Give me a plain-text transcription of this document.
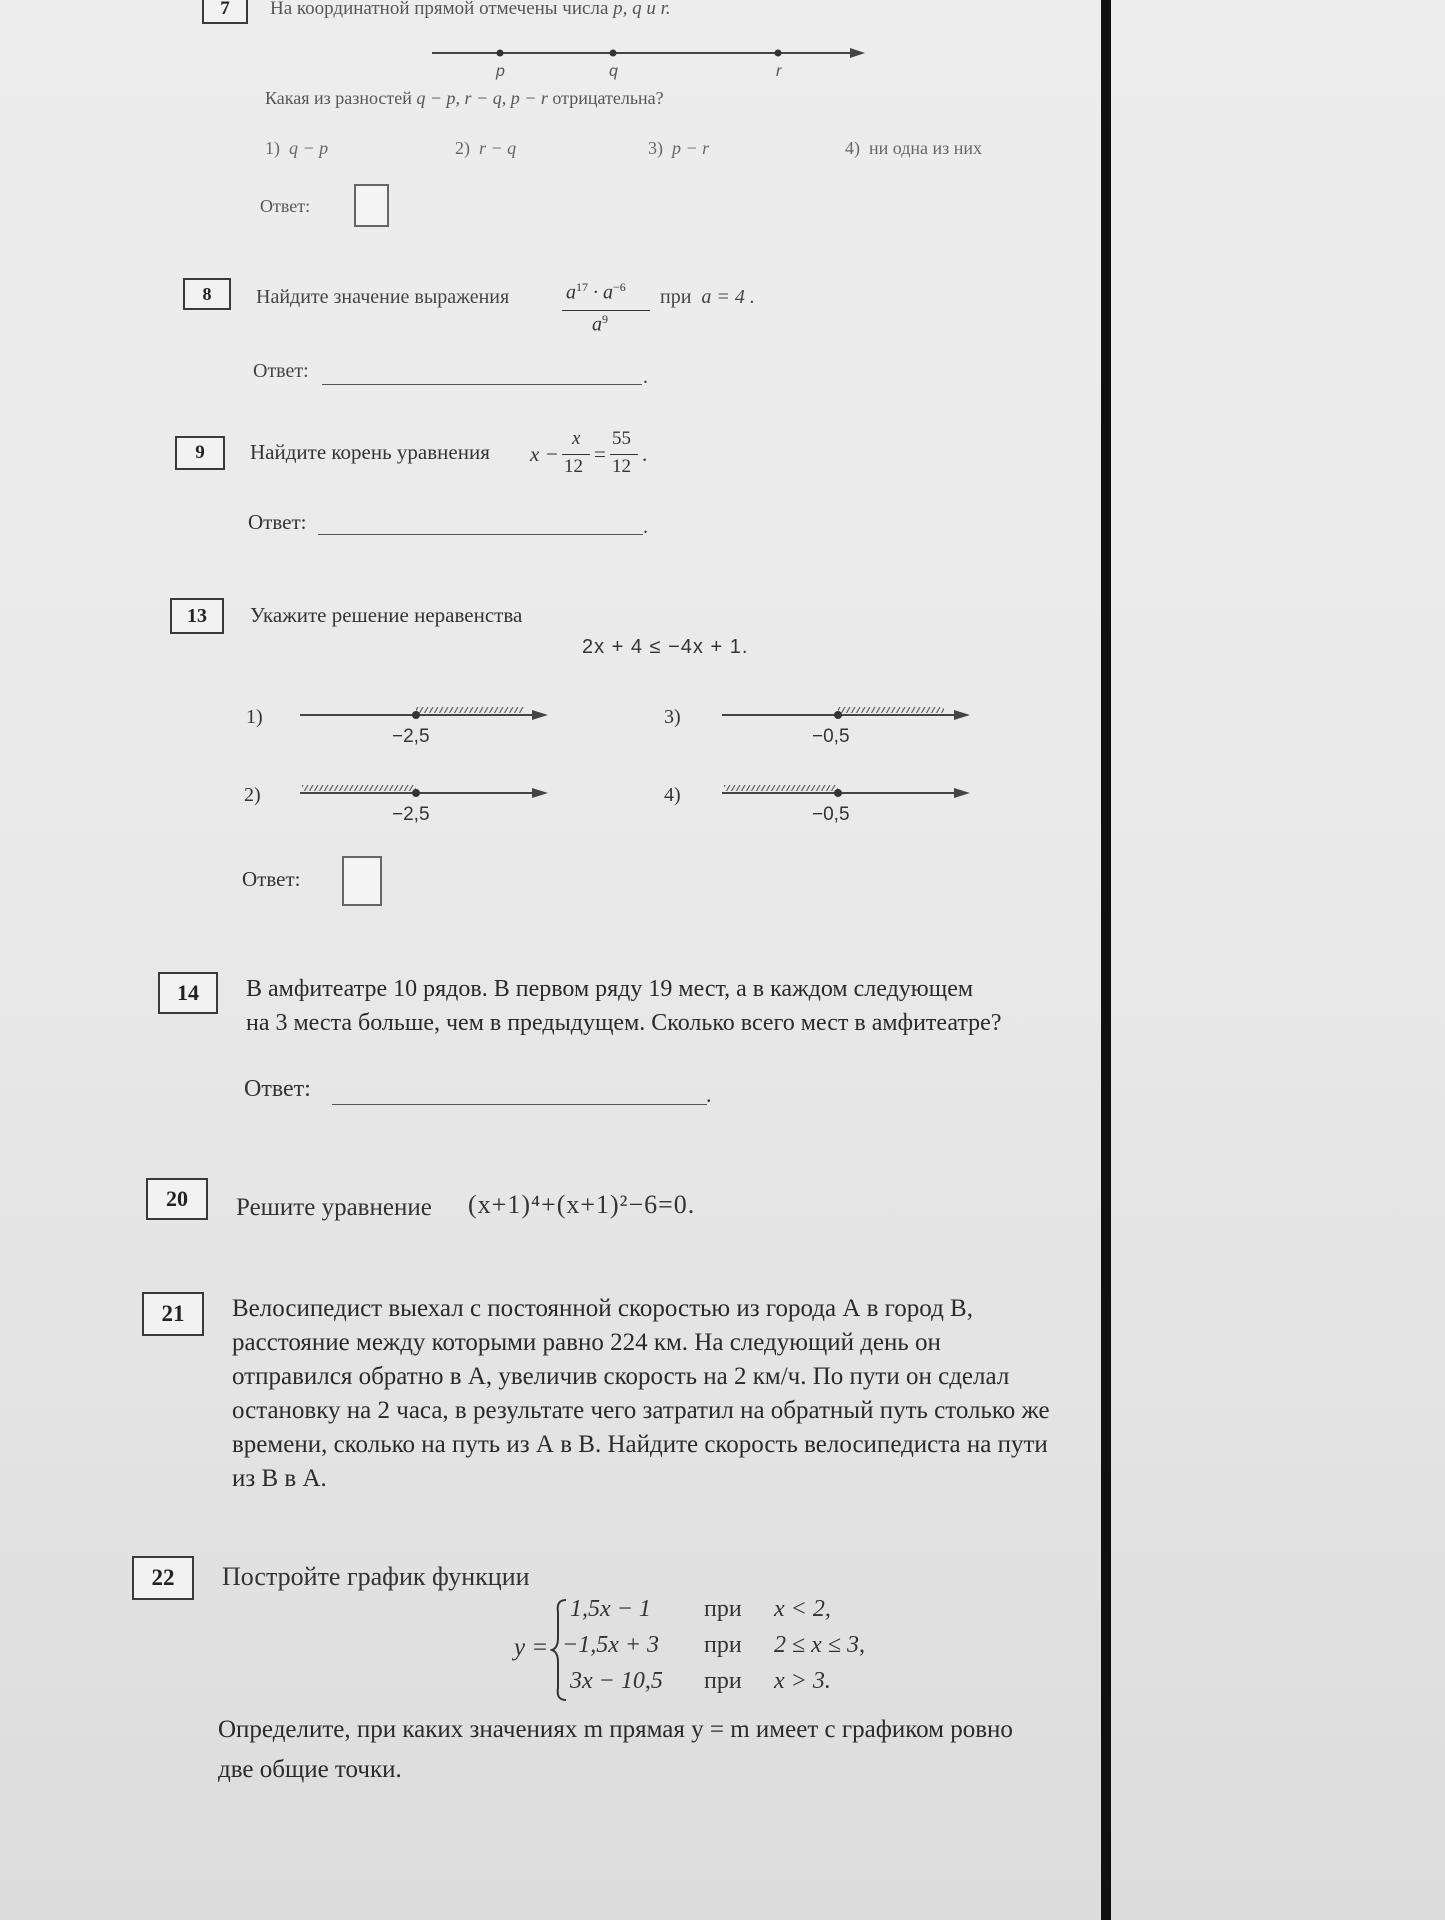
7	На координатной прямой отмечены числа p, q и r.
p	q	r
Какая из разностей q − p, r − q, p − r отрицательна?
1) q − p	2) r − q	3) p − r	4) ни одна из них
Ответ:
8	Найдите значение выражения	$a^{17} \cdot a^{-6}$
$a^9$
при a = 4 .
Ответ:	.
9	Найдите корень уравнения x −
x
12
=
55
12
.
Ответ:	.
13	Укажите решение неравенства
2x + 4 ≤ −4x + 1.
1)
−2,5
2)
−2,5
3)
−0,5
4)
−0,5
Ответ:
14	В амфитеатре 10 рядов. В первом ряду 19 мест, а в каждом следующем
на 3 места больше, чем в предыдущем. Сколько всего мест в амфитеатре?
Ответ:	.
20	Решите уравнение (x+1)⁴+(x+1)²−6=0.
21	Велосипедист выехал с постоянной скоростью из города А в город В,
расстояние между которыми равно 224 км. На следующий день он
отправился обратно в А, увеличив скорость на 2 км/ч. По пути он сделал
остановку на 2 часа, в результате чего затратил на обратный путь столько же
времени, сколько на путь из А в В. Найдите скорость велосипедиста на пути
из В в А.
22	Постройте график функции
y =
1,5x − 1 при x < 2,
−1,5x + 3 при 2 ≤ x ≤ 3,
3x − 10,5 при x > 3.
Определите, при каких значениях m прямая y = m имеет с графиком ровно
две общие точки.
